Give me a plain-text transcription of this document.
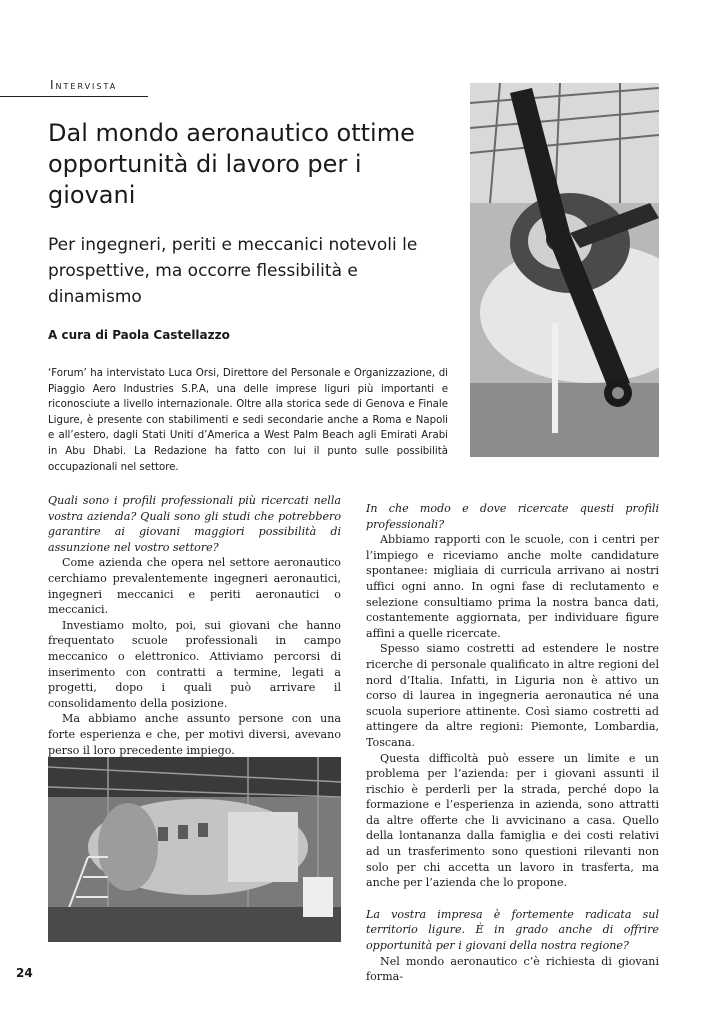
Intervista
Dal mondo aeronautico ottime opportunità di lavoro per i giovani

Per ingegneri, periti e meccanici notevoli le prospettive, ma occorre flessibilità e dinamismo

A cura di Paola Castellazzo
‘Forum’ ha intervistato Luca Orsi, Direttore del Personale e Organizzazione, di Piaggio Aero Industries S.P.A, una delle imprese liguri più importanti e riconosciute a livello internazionale. Oltre alla storica sede di Genova e Finale Ligure, è presente con stabilimenti e sedi secondarie anche a Roma e Napoli e all’estero, dagli Stati Uniti d’America a West Palm Beach agli Emirati Arabi in Abu Dhabi. La Redazione ha fatto con lui il punto sulle possibilità occupazionali nel settore.

Quali sono i profili professionali più ricercati nella vostra azienda? Quali sono gli studi che potrebbero garantire ai giovani maggiori possibilità di assunzione nel vostro settore?

Come azienda che opera nel settore aeronautico cerchiamo prevalentemente ingegneri aeronautici, ingegneri meccanici e periti aeronautici o meccanici.

Investiamo molto, poi, sui giovani che hanno frequentato scuole professionali in campo meccanico o elettronico. Attiviamo percorsi di inserimento con contratti a termine, legati a progetti, dopo i quali può arrivare il consolidamento della posizione.

Ma abbiamo anche assunto persone con una forte esperienza e che, per motivi diversi, avevano perso il loro precedente impiego.

In che modo e dove ricercate questi profili professionali?

Abbiamo rapporti con le scuole, con i centri per l’impiego e riceviamo anche molte candidature spontanee: migliaia di curricula arrivano ai nostri uffici ogni anno. In ogni fase di reclutamento e selezione consultiamo prima la nostra banca dati, costantemente aggiornata, per individuare figure affini a quelle ricercate.

Spesso siamo costretti ad estendere le nostre ricerche di personale qualificato in altre regioni del nord d’Italia. Infatti, in Liguria non è attivo un corso di laurea in ingegneria aeronautica né una scuola superiore attinente. Così siamo costretti ad attingere da altre regioni: Piemonte, Lombardia, Toscana.

Questa difficoltà può essere un limite e un problema per l’azienda: per i giovani assunti il rischio è perderli per la strada, perché dopo la formazione e l’esperienza in azienda, sono attratti da altre offerte che li avvicinano a casa. Quello della lontananza dalla famiglia e dei costi relativi ad un trasferimento sono questioni rilevanti non solo per chi accetta un lavoro in trasferta, ma anche per l’azienda che lo propone.

La vostra impresa è fortemente radicata sul territorio ligure. È in grado anche di offrire opportunità per i giovani della nostra regione?

Nel mondo aeronautico c’è richiesta di giovani forma-

24
